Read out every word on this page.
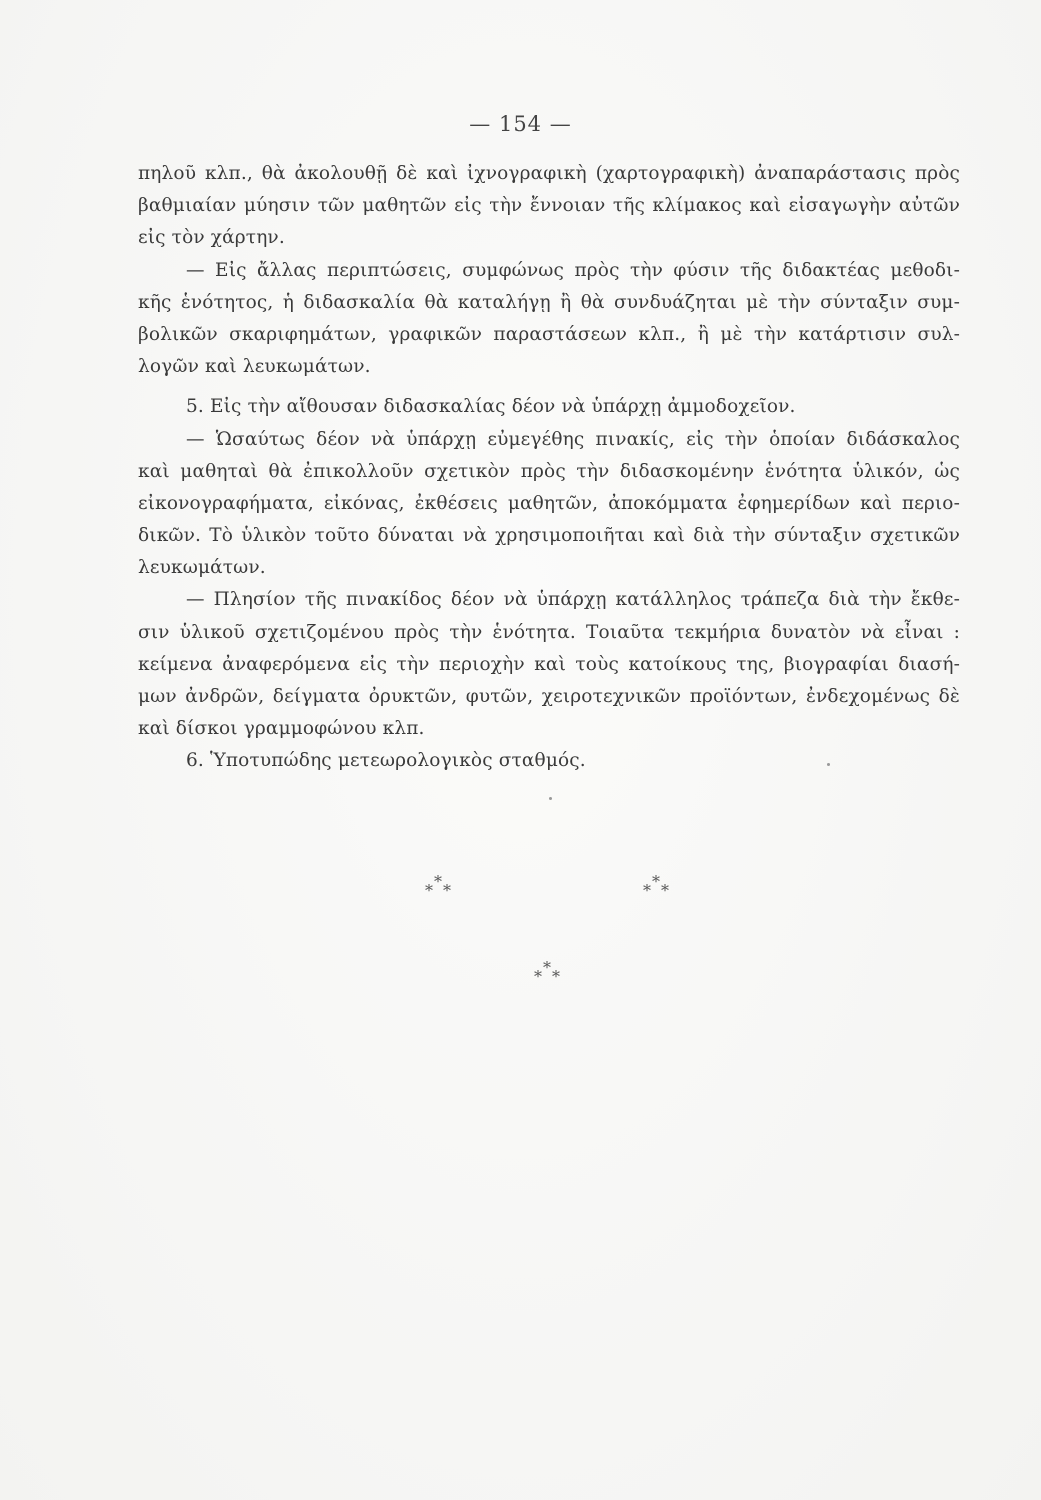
— 154 —
πηλοῦ κλπ., θὰ ἀκολουθῇ δὲ καὶ ἰχνογραφικὴ (χαρτογραφικὴ) ἀναπαράστασις πρὸς
βαθμιαίαν μύησιν τῶν μαθητῶν εἰς τὴν ἔννοιαν τῆς κλίμακος καὶ εἰσαγωγὴν αὐτῶν
εἰς τὸν χάρτην.
— Εἰς ἄλλας περιπτώσεις, συμφώνως πρὸς τὴν φύσιν τῆς διδακτέας μεθοδι-
κῆς ἑνότητος, ἡ διδασκαλία θὰ καταλήγῃ ἢ θὰ συνδυάζηται μὲ τὴν σύνταξιν συμ-
βολικῶν σκαριφημάτων, γραφικῶν παραστάσεων κλπ., ἢ μὲ τὴν κατάρτισιν συλ-
λογῶν καὶ λευκωμάτων.
5. Εἰς τὴν αἴθουσαν διδασκαλίας δέον νὰ ὑπάρχῃ ἀμμοδοχεῖον.
— Ὡσαύτως δέον νὰ ὑπάρχῃ εὐμεγέθης πινακίς, εἰς τὴν ὁποίαν διδάσκαλος
καὶ μαθηταὶ θὰ ἐπικολλοῦν σχετικὸν πρὸς τὴν διδασκομένην ἑνότητα ὑλικόν, ὡς
εἰκονογραφήματα, εἰκόνας, ἐκθέσεις μαθητῶν, ἀποκόμματα ἐφημερίδων καὶ περιο-
δικῶν. Τὸ ὑλικὸν τοῦτο δύναται νὰ χρησιμοποιῆται καὶ διὰ τὴν σύνταξιν σχετικῶν
λευκωμάτων.
— Πλησίον τῆς πινακίδος δέον νὰ ὑπάρχῃ κατάλληλος τράπεζα διὰ τὴν ἔκθε-
σιν ὑλικοῦ σχετιζομένου πρὸς τὴν ἑνότητα. Τοιαῦτα τεκμήρια δυνατὸν νὰ εἶναι :
κείμενα ἀναφερόμενα εἰς τὴν περιοχὴν καὶ τοὺς κατοίκους της, βιογραφίαι διασή-
μων ἀνδρῶν, δείγματα ὀρυκτῶν, φυτῶν, χειροτεχνικῶν προϊόντων, ἐνδεχομένως δὲ
καὶ δίσκοι γραμμοφώνου κλπ.
6. Ὑποτυπώδης μετεωρολογικὸς σταθμός.
*
* *	*
* *
*
* *
